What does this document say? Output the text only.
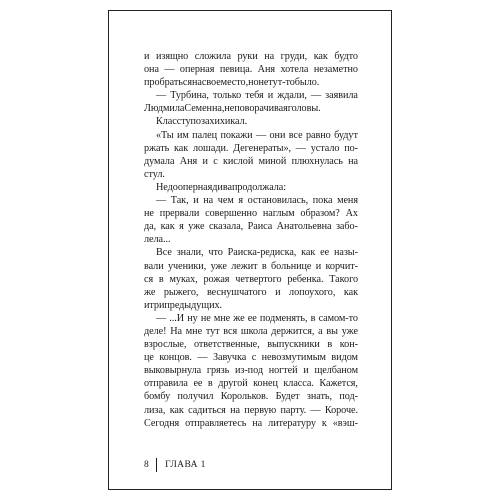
и изящно сложила руки на груди, как будто
она — оперная певица. Аня хотела незаметно
пробраться на свое место, но не тут-то было.
— Турбина, только тебя и ждали, — заявила
Людмила Семенна, не поворачивая головы.
Класс тупо захихикал.
«Ты им палец покажи — они все равно будут
ржать как лошади. Дегенераты», — устало по-
думала Аня и с кислой миной плюхнулась на
стул.
Недооперная дива продолжала:
— Так, и на чем я остановилась, пока меня
не прервали совершенно наглым образом? Ах
да, как я уже сказала, Раиса Анатольевна забо-
лела...
Все знали, что Раиска-редиска, как ее назы-
вали ученики, уже лежит в больнице и корчит-
ся в муках, рожая четвертого ребенка. Такого
же рыжего, веснушчатого и лопоухого, как
и три предыдущих.
— ...И ну не мне же ее подменять, в самом-то
деле! На мне тут вся школа держится, а вы уже
взрослые, ответственные, выпускники в кон-
це концов. — Завучка с невозмутимым видом
выковырнула грязь из-под ногтей и щелбаном
отправила ее в другой конец класса. Кажется,
бомбу получил Корольков. Будет знать, под-
лиза, как садиться на первую парту. — Короче.
Сегодня отправляетесь на литературу к «вэш-
8 ГЛАВА 1
